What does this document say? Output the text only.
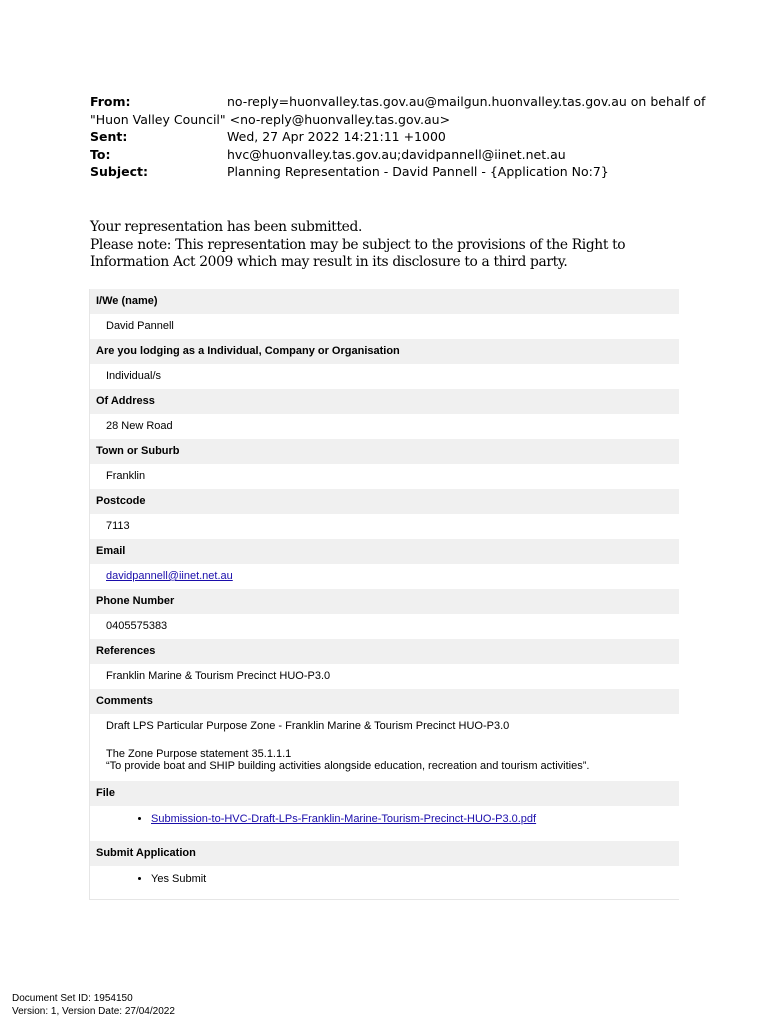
From:	no-reply=huonvalley.tas.gov.au@mailgun.huonvalley.tas.gov.au on behalf of
"Huon Valley Council" <no-reply@huonvalley.tas.gov.au>
Sent:	Wed, 27 Apr 2022 14:21:11 +1000
To:	hvc@huonvalley.tas.gov.au;davidpannell@iinet.net.au
Subject:	Planning Representation - David Pannell - {Application No:7}

Your representation has been submitted.

Please note: This representation may be subject to the provisions of the Right to Information Act 2009 which may result in its disclosure to a third party.

I/We (name)
David Pannell
Are you lodging as a Individual, Company or Organisation
Individual/s
Of Address
28 New Road
Town or Suburb
Franklin
Postcode
7113
Email
davidpannell@iinet.net.au
Phone Number
0405575383
References
Franklin Marine & Tourism Precinct HUO-P3.0
Comments

Draft LPS Particular Purpose Zone - Franklin Marine & Tourism Precinct HUO-P3.0

The Zone Purpose statement 35.1.1.1

“To provide boat and SHIP building activities alongside education, recreation and tourism activities”.

File
• Submission-to-HVC-Draft-LPs-Franklin-Marine-Tourism-Precinct-HUO-P3.0.pdf
Submit Application
• Yes Submit
Document Set ID: 1954150
Version: 1, Version Date: 27/04/2022
